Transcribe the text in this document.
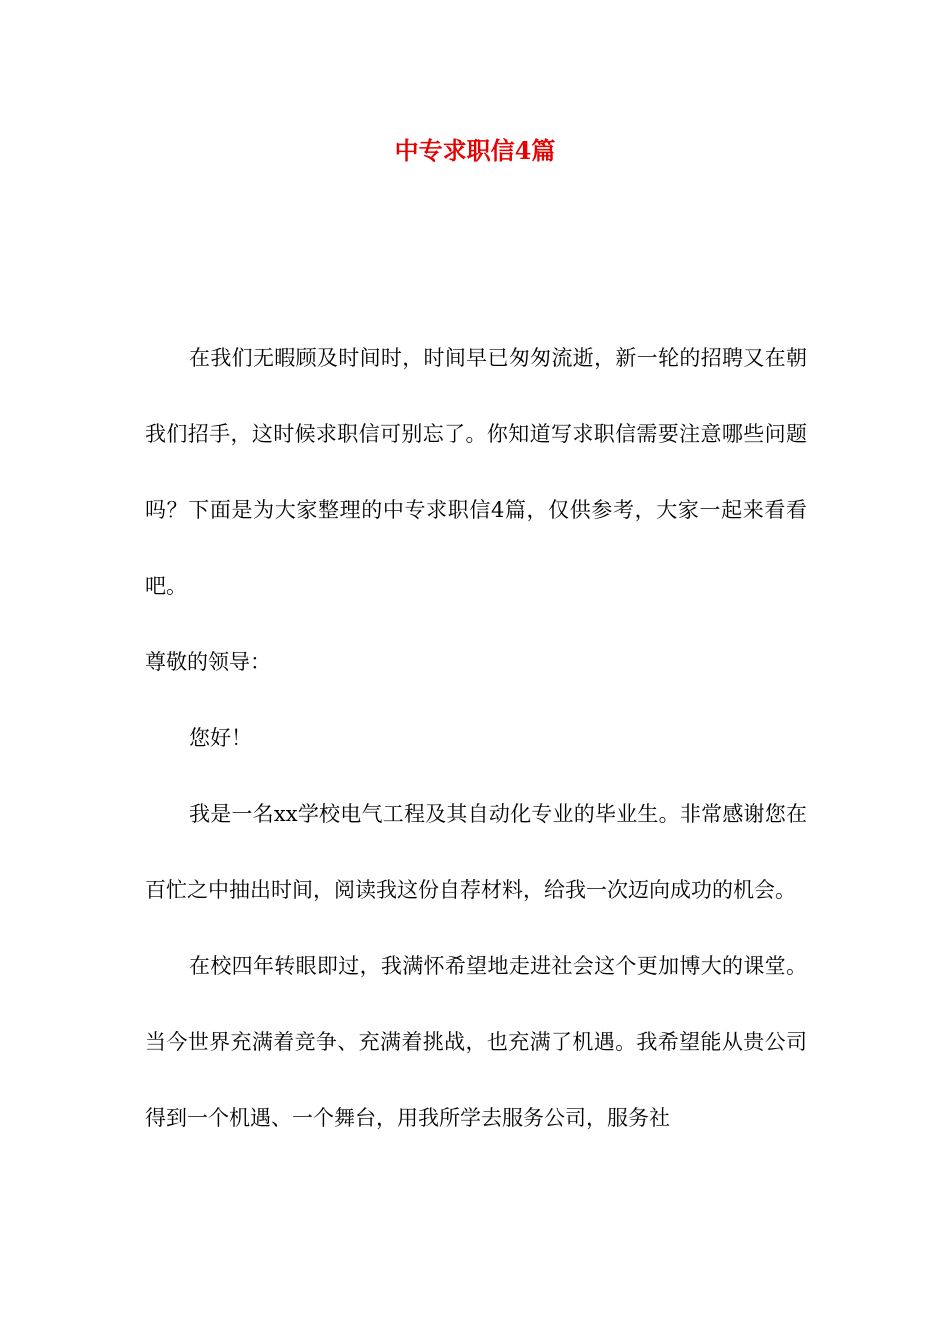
中专求职信4篇

在我们无暇顾及时间时，时间早已匆匆流逝，新一轮的招聘又在朝我们招手，这时候求职信可别忘了。你知道写求职信需要注意哪些问题吗？下面是为大家整理的中专求职信4篇，仅供参考，大家一起来看看吧。

尊敬的领导：

您好！

我是一名xx学校电气工程及其自动化专业的毕业生。非常感谢您在百忙之中抽出时间，阅读我这份自荐材料，给我一次迈向成功的机会。

在校四年转眼即过，我满怀希望地走进社会这个更加博大的课堂。当今世界充满着竞争、充满着挑战，也充满了机遇。我希望能从贵公司得到一个机遇、一个舞台，用我所学去服务公司，服务社
